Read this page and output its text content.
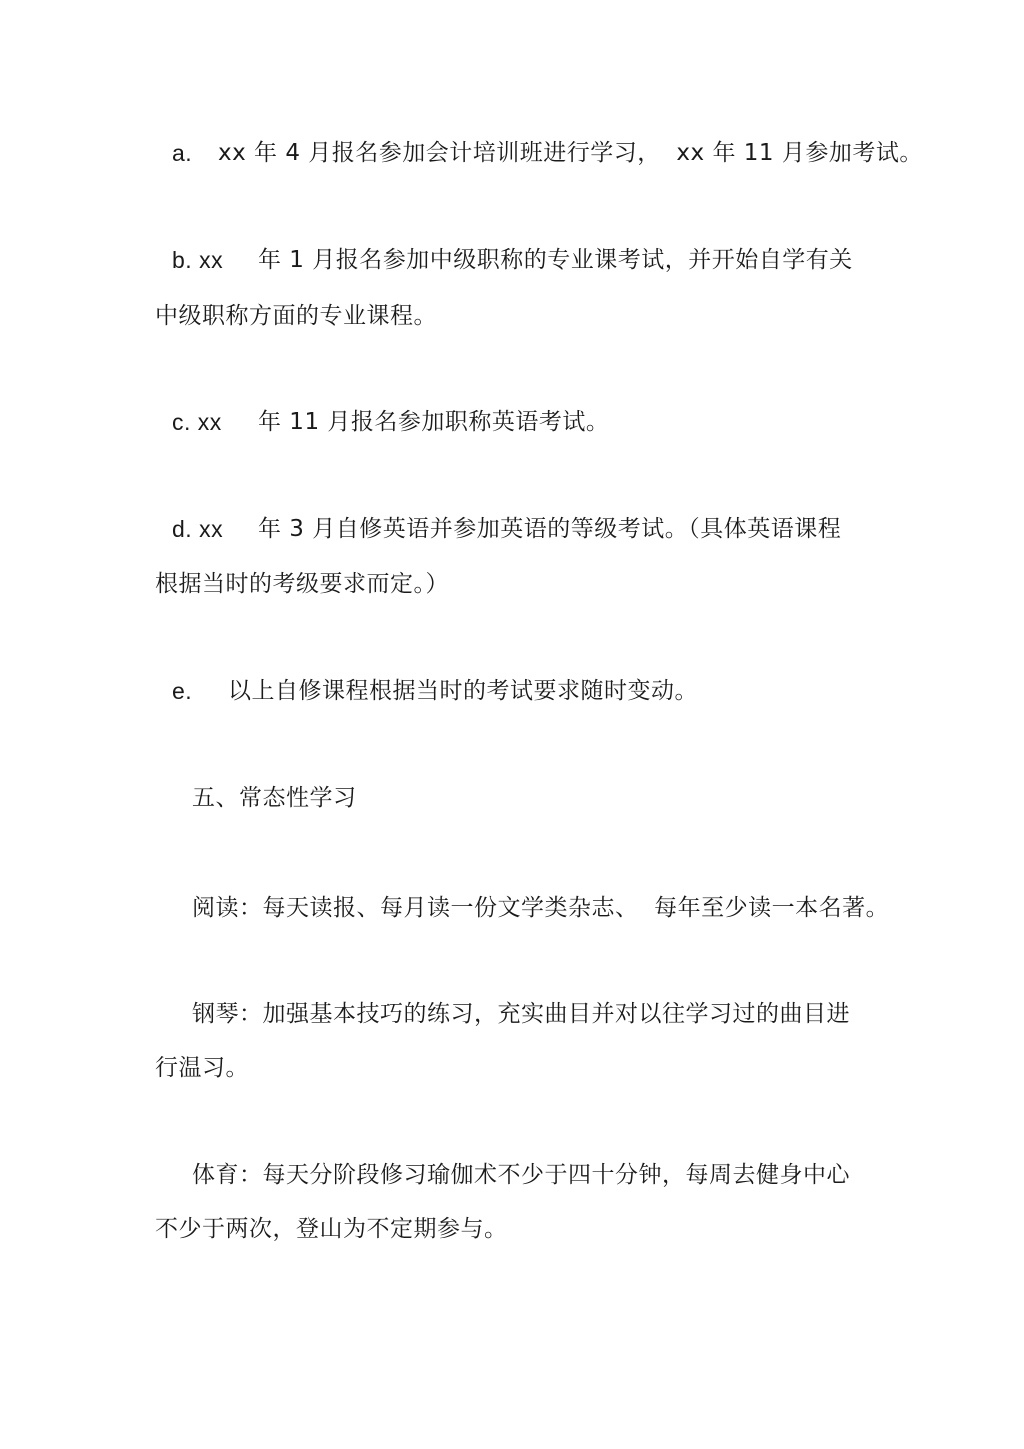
a.

xx 年 4 月报名参加会计培训班进行学习，  xx 年 11 月参加考试。

b. xx

年 1 月报名参加中级职称的专业课考试，并开始自学有关

中级职称方面的专业课程。

c. xx

年 11 月报名参加职称英语考试。

d. xx

年 3 月自修英语并参加英语的等级考试。（具体英语课程

根据当时的考级要求而定。）

e.

以上自修课程根据当时的考试要求随时变动。

五、常态性学习
阅读：每天读报、每月读一份文学类杂志、  每年至少读一本名著。
钢琴：加强基本技巧的练习，充实曲目并对以往学习过的曲目进
行温习。
体育：每天分阶段修习瑜伽术不少于四十分钟，每周去健身中心
不少于两次，登山为不定期参与。
